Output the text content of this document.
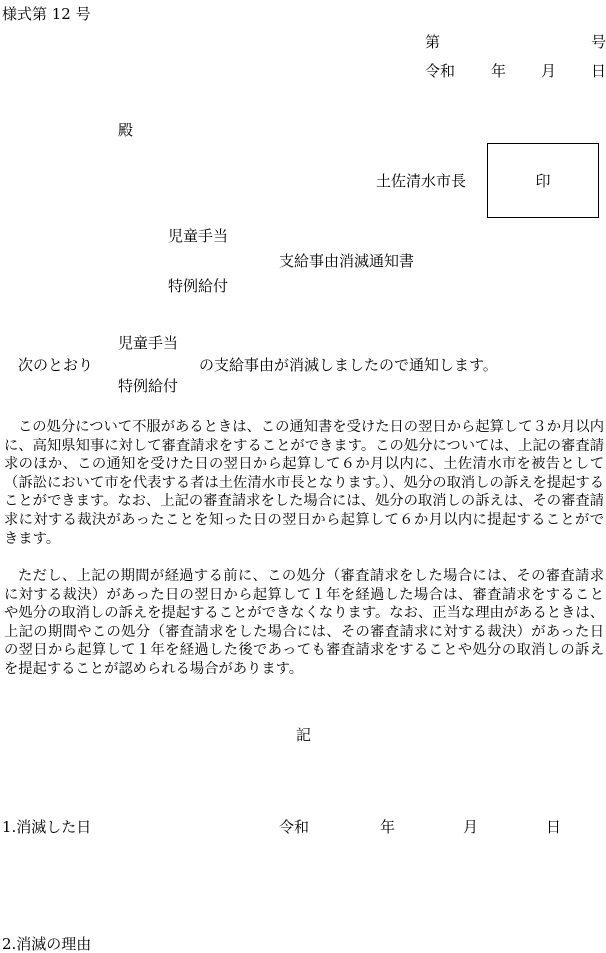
様式第 12 号
第	号
令和 年 月 日
殿
土佐清水市長	印
児童手当
支給事由消滅通知書
特例給付
児童手当
次のとおり	の支給事由が消滅しましたので通知します。
特例給付
この処分について不服があるときは、この通知書を受けた日の翌日から起算して３か月以内に、高知県知事に対して審査請求をすることができます。この処分については、上記の審査請求のほか、この通知を受けた日の翌日から起算して６か月以内に、土佐清水市を被告として（訴訟において市を代表する者は土佐清水市長となります。）、処分の取消しの訴えを提起することができます。なお、上記の審査請求をした場合には、処分の取消しの訴えは、その審査請求に対する裁決があったことを知った日の翌日から起算して６か月以内に提起することができます。
ただし、上記の期間が経過する前に、この処分（審査請求をした場合には、その審査請求に対する裁決）があった日の翌日から起算して１年を経過した場合は、審査請求をすることや処分の取消しの訴えを提起することができなくなります。なお、正当な理由があるときは、上記の期間やこの処分（審査請求をした場合には、その審査請求に対する裁決）があった日の翌日から起算して１年を経過した後であっても審査請求をすることや処分の取消しの訴えを提起することが認められる場合があります。
記
1.消滅した日	令和	年	月	日
2.消滅の理由
